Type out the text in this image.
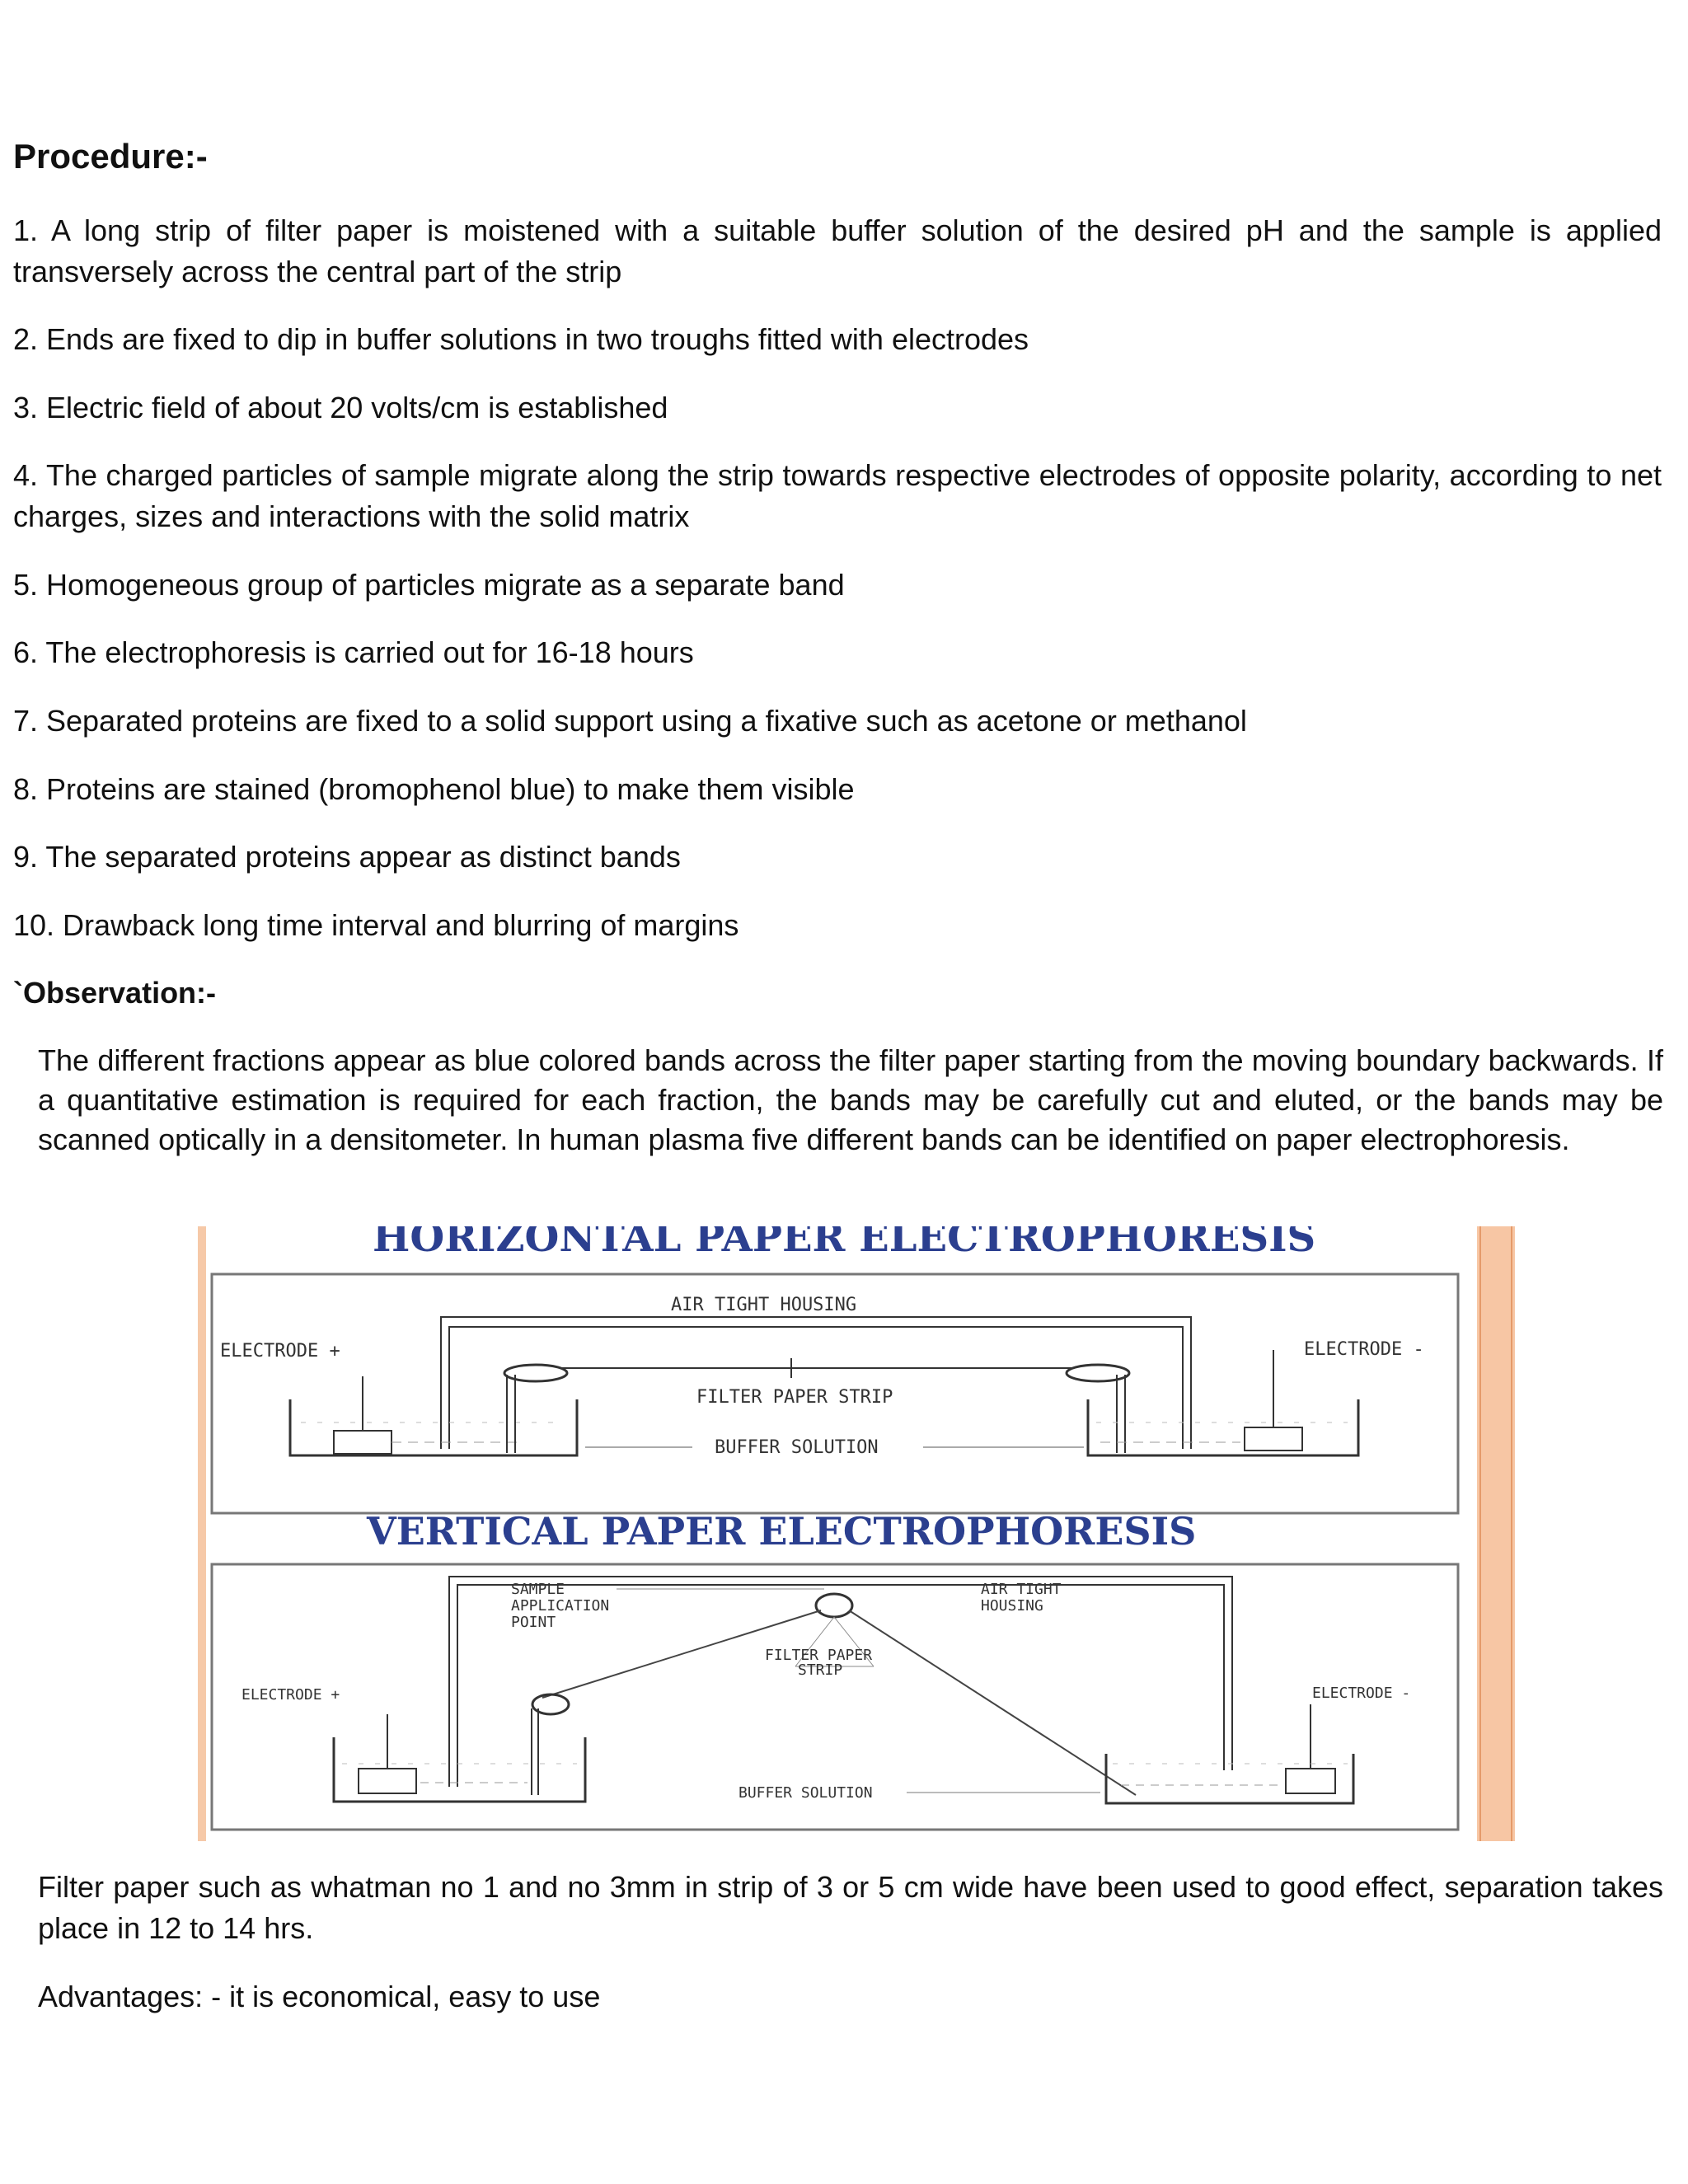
Procedure:-

1. A long strip of filter paper is moistened with a suitable buffer solution of the desired pH and the sample is applied transversely across the central part of the strip

2. Ends are fixed to dip in buffer solutions in two troughs fitted with electrodes

3. Electric field of about 20 volts/cm is established

4. The charged particles of sample migrate along the strip towards respective electrodes of opposite polarity, according to net charges, sizes and interactions with the solid matrix

5. Homogeneous group of particles migrate as a separate band

6. The electrophoresis is carried out for 16-18 hours

7. Separated proteins are fixed to a solid support using a fixative such as acetone or methanol

8. Proteins are stained (bromophenol blue) to make them visible

9. The separated proteins appear as distinct bands

10. Drawback long time interval and blurring of margins

`Observation:-

The different fractions appear as blue colored bands across the filter paper starting from the moving boundary backwards. If a quantitative estimation is required for each fraction, the bands may be carefully cut and eluted, or the bands may be scanned optically in a densitometer. In human plasma five different bands can be identified on paper electrophoresis.

HORIZONTAL PAPER ELECTROPHORESIS
AIR TIGHT HOUSING
ELECTRODE +	ELECTRODE -
FILTER PAPER STRIP
BUFFER SOLUTION
VERTICAL PAPER ELECTROPHORESIS
SAMPLE
APPLICATION
POINT
AIR TIGHT
HOUSING
FILTER PAPER
STRIP
ELECTRODE +	ELECTRODE -
BUFFER SOLUTION

Filter paper such as whatman no 1 and no 3mm in strip of 3 or 5 cm wide have been used to good effect, separation takes place in 12 to 14 hrs.

Advantages: - it is economical, easy to use
